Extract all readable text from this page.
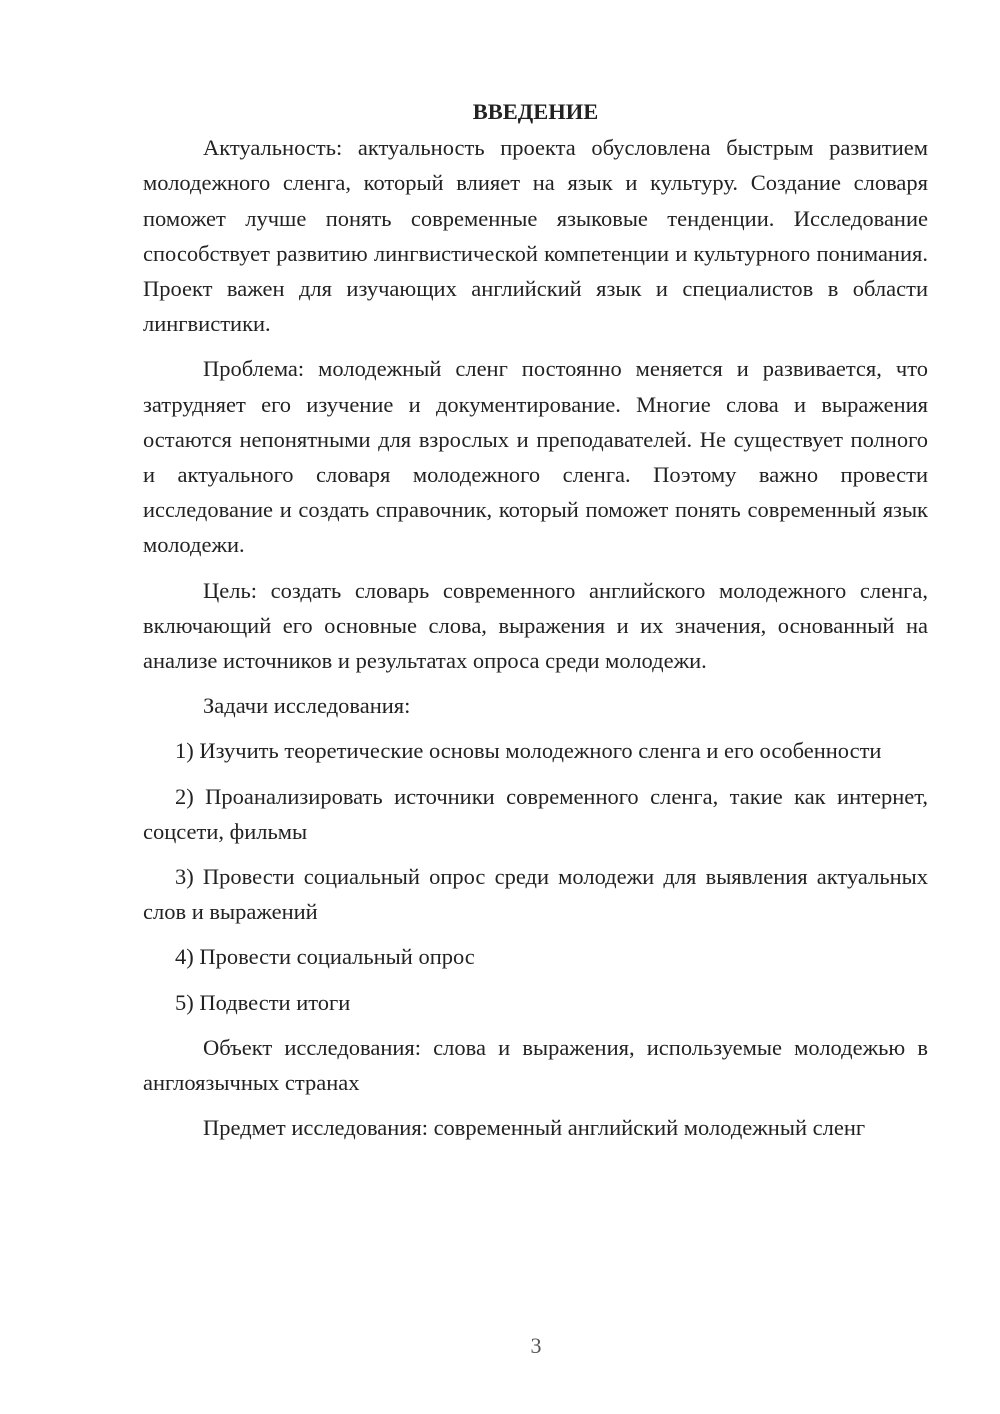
ВВЕДЕНИЕ

Актуальность: актуальность проекта обусловлена быстрым развитием молодежного сленга, который влияет на язык и культуру. Создание словаря поможет лучше понять современные языковые тенденции. Исследование способствует развитию лингвистической компетенции и культурного понимания. Проект важен для изучающих английский язык и специалистов в области лингвистики.

Проблема: молодежный сленг постоянно меняется и развивается, что затрудняет его изучение и документирование. Многие слова и выражения остаются непонятными для взрослых и преподавателей. Не существует полного и актуального словаря молодежного сленга. Поэтому важно провести исследование и создать справочник, который поможет понять современный язык молодежи.

Цель: создать словарь современного английского молодежного сленга, включающий его основные слова, выражения и их значения, основанный на анализе источников и результатах опроса среди молодежи.

Задачи исследования:

1) Изучить теоретические основы молодежного сленга и его особенности

2) Проанализировать источники современного сленга, такие как интернет, соцсети, фильмы

3) Провести социальный опрос среди молодежи для выявления актуальных слов и выражений

4) Провести социальный опрос

5) Подвести итоги

Объект исследования: слова и выражения, используемые молодежью в англоязычных странах

Предмет исследования: современный английский молодежный сленг

3
